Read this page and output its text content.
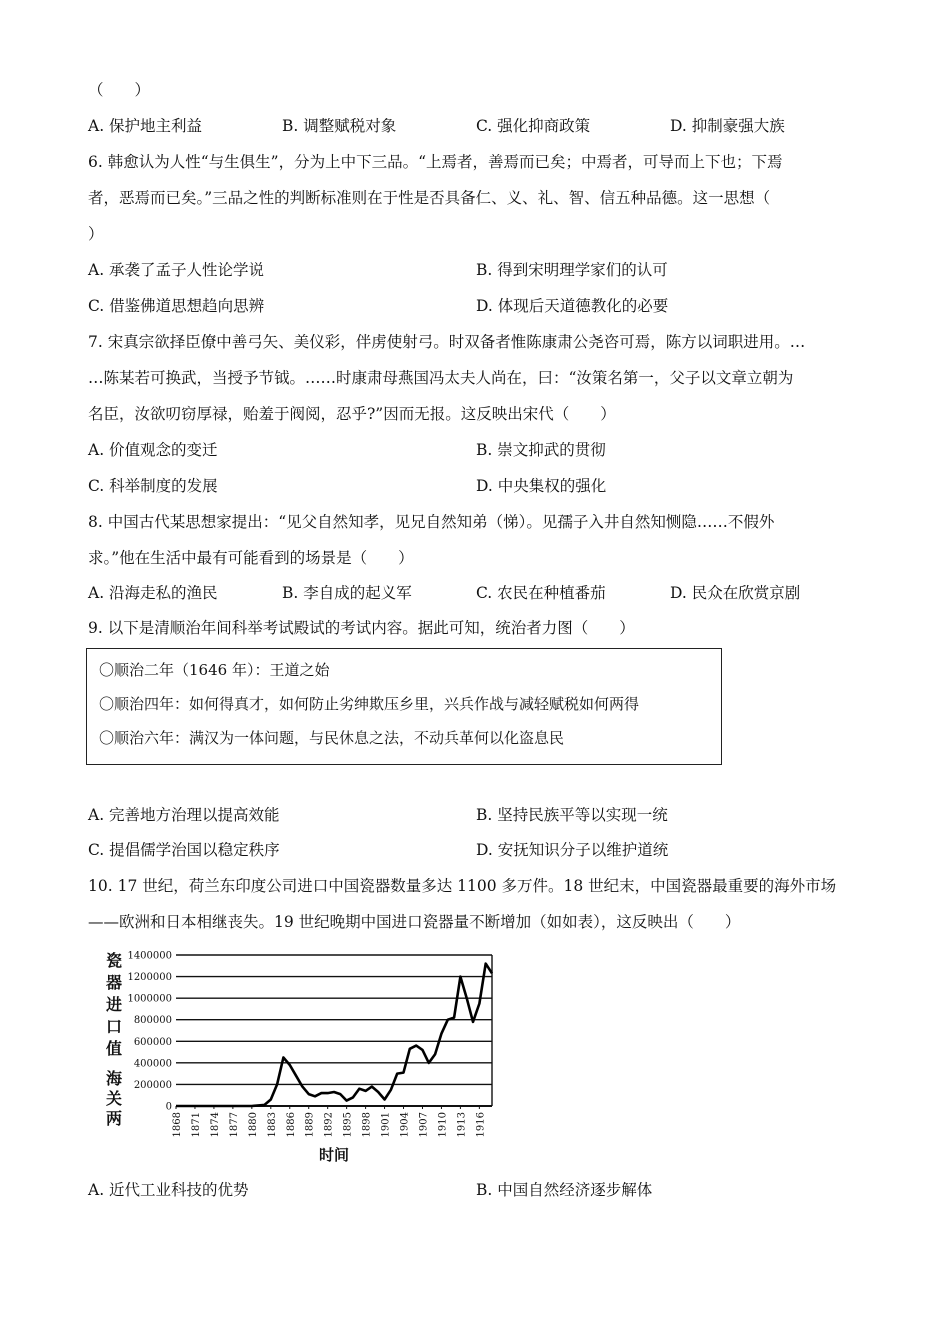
（　　）
A. 保护地主利益	B. 调整赋税对象	C. 强化抑商政策	D. 抑制豪强大族
6. 韩愈认为人性“与生俱生”，分为上中下三品。“上焉者，善焉而已矣；中焉者，可导而上下也；下焉
者，恶焉而已矣。”三品之性的判断标准则在于性是否具备仁、义、礼、智、信五种品德。这一思想（
）
A. 承袭了孟子人性论学说	B. 得到宋明理学家们的认可
C. 借鉴佛道思想趋向思辨	D. 体现后天道德教化的必要
7. 宋真宗欲择臣僚中善弓矢、美仪彩，伴虏使射弓。时双备者惟陈康肃公尧咨可焉，陈方以词职进用。…
…陈某若可换武，当授予节钺。……时康肃母燕国冯太夫人尚在，曰：“汝策名第一，父子以文章立朝为
名臣，汝欲叨窃厚禄，贻羞于阀阅，忍乎?”因而无报。这反映出宋代（　　）
A. 价值观念的变迁	B. 崇文抑武的贯彻
C. 科举制度的发展	D. 中央集权的强化
8. 中国古代某思想家提出：“见父自然知孝，见兄自然知弟（悌）。见孺子入井自然知恻隐……不假外
求。”他在生活中最有可能看到的场景是（　　）
A. 沿海走私的渔民	B. 李自成的起义军	C. 农民在种植番茄	D. 民众在欣赏京剧
9. 以下是清顺治年间科举考试殿试的考试内容。据此可知，统治者力图（　　）
〇顺治二年（1646 年）：王道之始
〇顺治四年：如何得真才，如何防止劣绅欺压乡里，兴兵作战与减轻赋税如何两得
〇顺治六年：满汉为一体问题，与民休息之法，不动兵革何以化盗息民
A. 完善地方治理以提高效能	B. 坚持民族平等以实现一统
C. 提倡儒学治国以稳定秩序	D. 安抚知识分子以维护道统
10. 17 世纪，荷兰东印度公司进口中国瓷器数量多达 1100 多万件。18 世纪末，中国瓷器最重要的海外市场
——欧洲和日本相继丧失。19 世纪晚期中国进口瓷器量不断增加（如如表），这反映出（　　）
0
200000
400000
600000
800000
1000000
1200000
1400000
1868 1871 1874 1877 1880 1883 1886 1889 1892 1895 1898 1901 1904 1907 1910 1913 1916
瓷器进口值
海关两
时间
A. 近代工业科技的优势	B. 中国自然经济逐步解体
